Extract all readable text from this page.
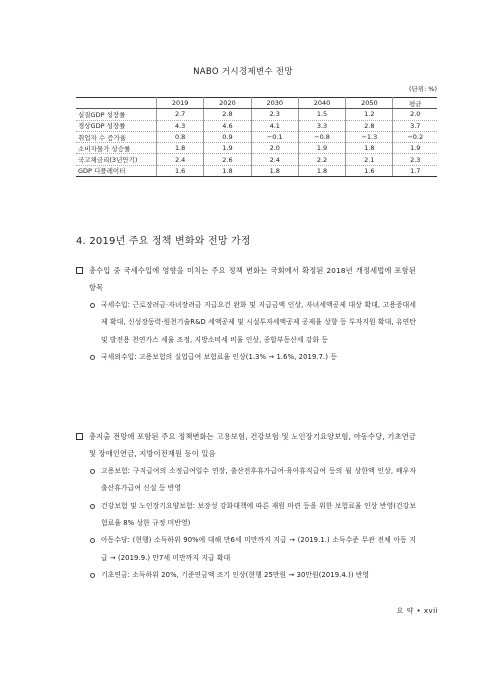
NABO 거시경제변수 전망
(단위: %)
	2019	2020	2030	2040	2050	평균
실질GDP 성장률	2.7	2.8	2.3	1.5	1.2	2.0
경상GDP 성장률	4.3	4.6	4.1	3.3	2.8	3.7
취업자 수 증가율	0.8	0.9	−0.1	−0.8	−1.3	−0.2
소비자물가 상승률	1.8	1.9	2.0	1.9	1.8	1.9
국고채금리(3년만기)	2.4	2.6	2.4	2.2	2.1	2.3
GDP 디플레이터	1.6	1.8	1.8	1.8	1.6	1.7
4. 2019년 주요 정책 변화와 전망 가정
총수입 중 국세수입에 영향을 미치는 주요 정책 변화는 국회에서 확정된 2018년 개정세법에 포함된 항목
국세수입: 근로장려금·자녀장려금 지급요건 완화 및 지급금액 인상, 자녀세액공제 대상 확대, 고용증대세제 확대, 신성장동력·원천기술R&D 세액공제 및 시설투자세액공제 공제율 상향 등 투자지원 확대, 유연탄 및 발전용 천연가스 세율 조정, 지방소비세 비율 인상, 종합부동산세 강화 등
국세외수입: 고용보험의 실업급여 보험료율 인상(1.3% → 1.6%, 2019.7.) 등
총지출 전망에 포함된 주요 정책변화는 고용보험, 건강보험 및 노인장기요양보험, 아동수당, 기초연금 및 장애인연금, 지방이전재원 등이 있음
고용보험: 구직급여의 소정급여일수 연장, 출산전후휴가급여·육아휴직급여 등의 월 상한액 인상, 배우자 출산휴가급여 신설 등 반영
건강보험 및 노인장기요양보험: 보장성 강화대책에 따른 재원 마련 등을 위한 보험료율 인상 반영(건강보험료율 8% 상한 규정 미반영)
아동수당: (현행) 소득하위 90%에 대해 만6세 미만까지 지급 → (2019.1.) 소득수준 무관 전체 아동 지급 → (2019.9.) 만7세 미만까지 지급 확대
기초연금: 소득하위 20%, 기준연금액 조기 인상(현행 25만원 → 30만원(2019.4.)) 반영
요 약 • xvii
